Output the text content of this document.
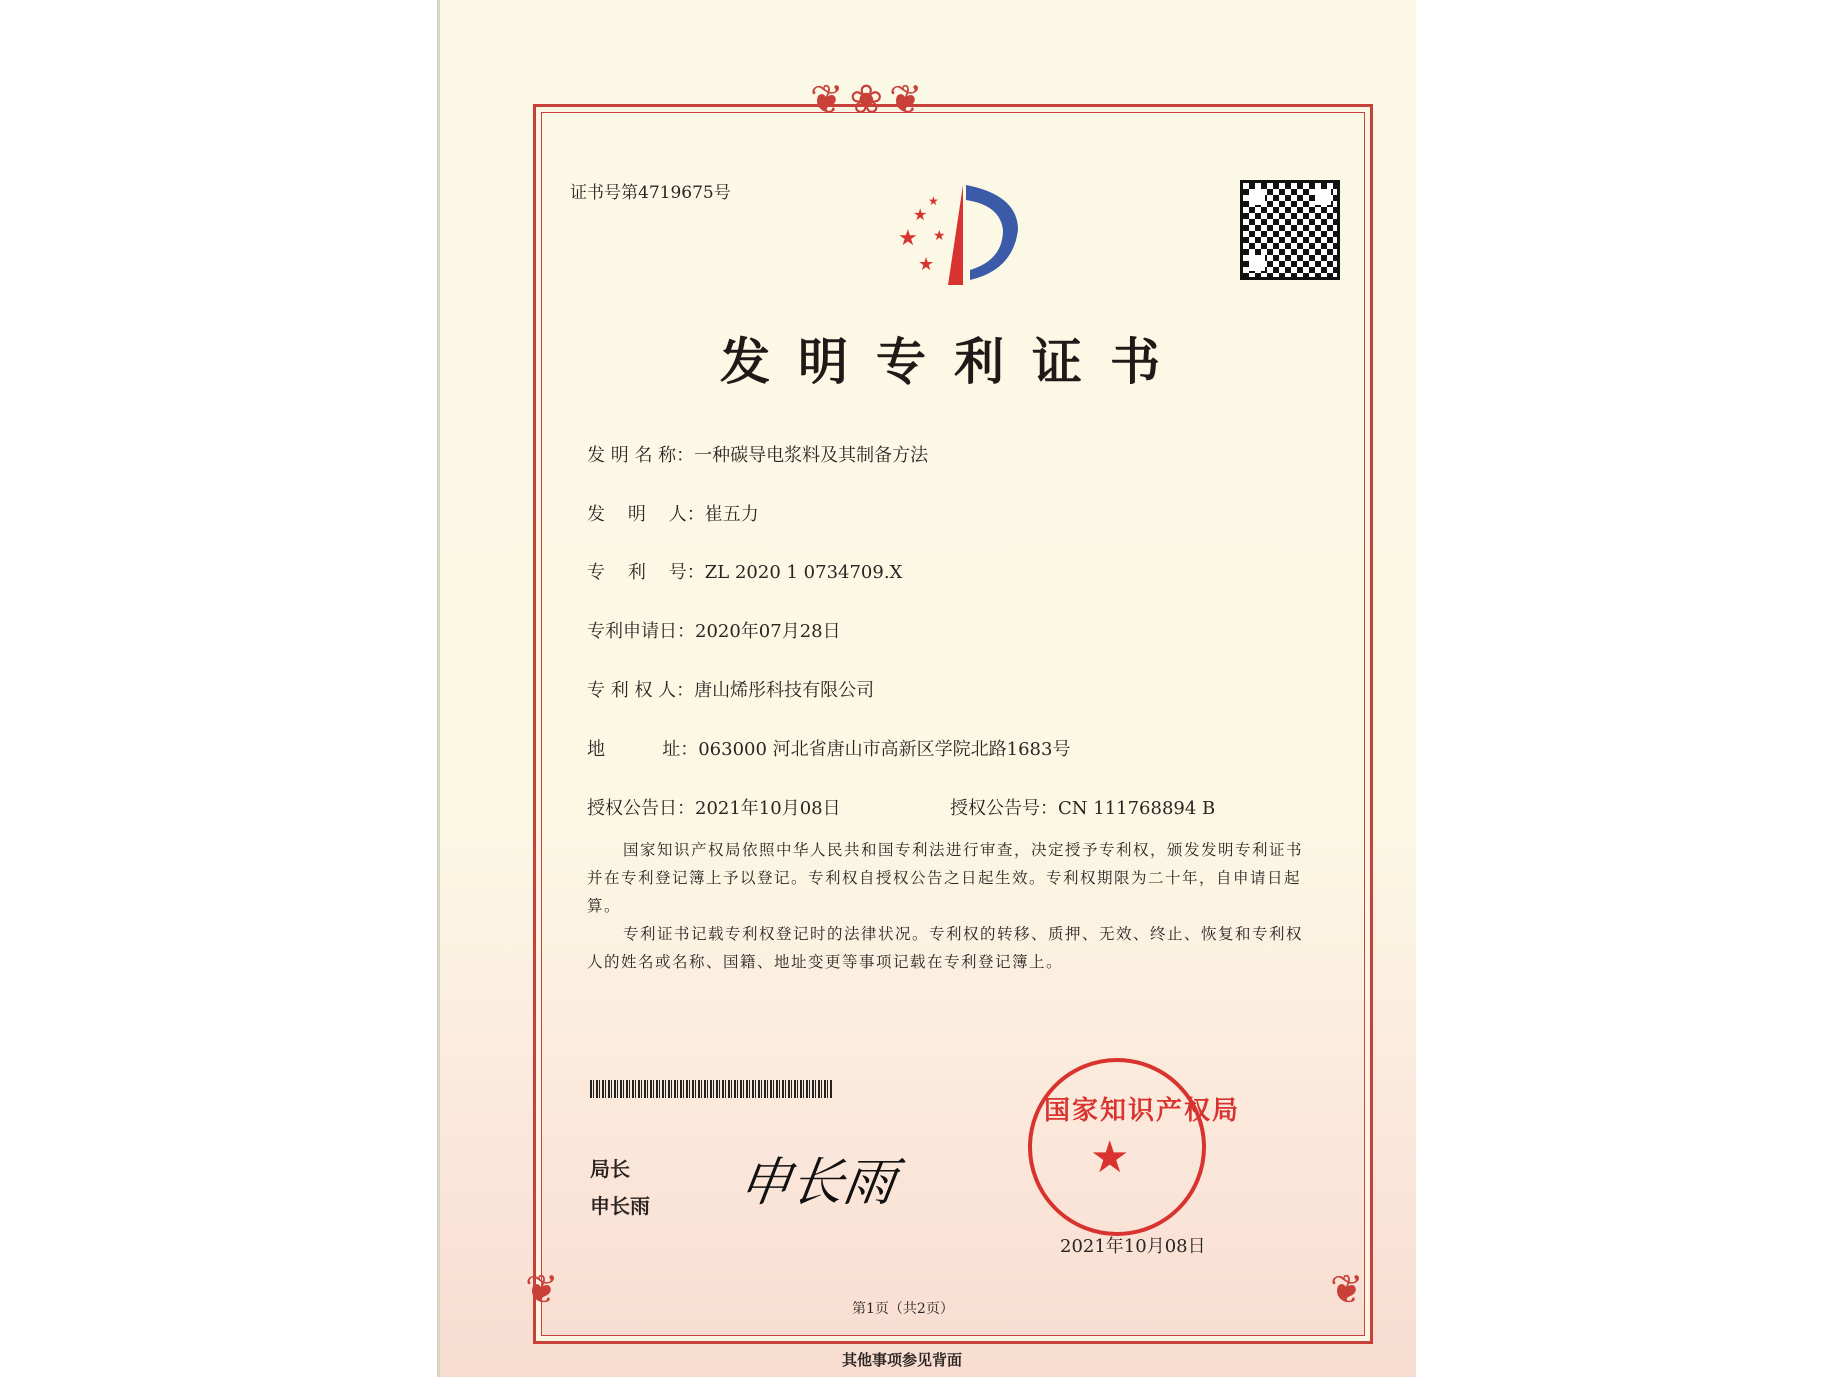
❦❀❦
❦	❦
证书号第4719675号
★
★
★
★
★
发明专利证书
发 明 名 称：一种碳导电浆料及其制备方法
发    明    人：崔五力
专    利    号：ZL 2020 1 0734709.X
专利申请日：2020年07月28日
专 利 权 人：唐山烯彤科技有限公司
地          址：063000 河北省唐山市高新区学院北路1683号
授权公告日：2021年10月08日	授权公告号：CN 111768894 B
国家知识产权局依照中华人民共和国专利法进行审查，决定授予专利权，颁发发明专利证书并在专利登记簿上予以登记。专利权自授权公告之日起生效。专利权期限为二十年，自申请日起算。
专利证书记载专利权登记时的法律状况。专利权的转移、质押、无效、终止、恢复和专利权人的姓名或名称、国籍、地址变更等事项记载在专利登记簿上。
局长
申长雨 申长雨
国家知识产权局
★
2021年10月08日
第1页（共2页）
其他事项参见背面
